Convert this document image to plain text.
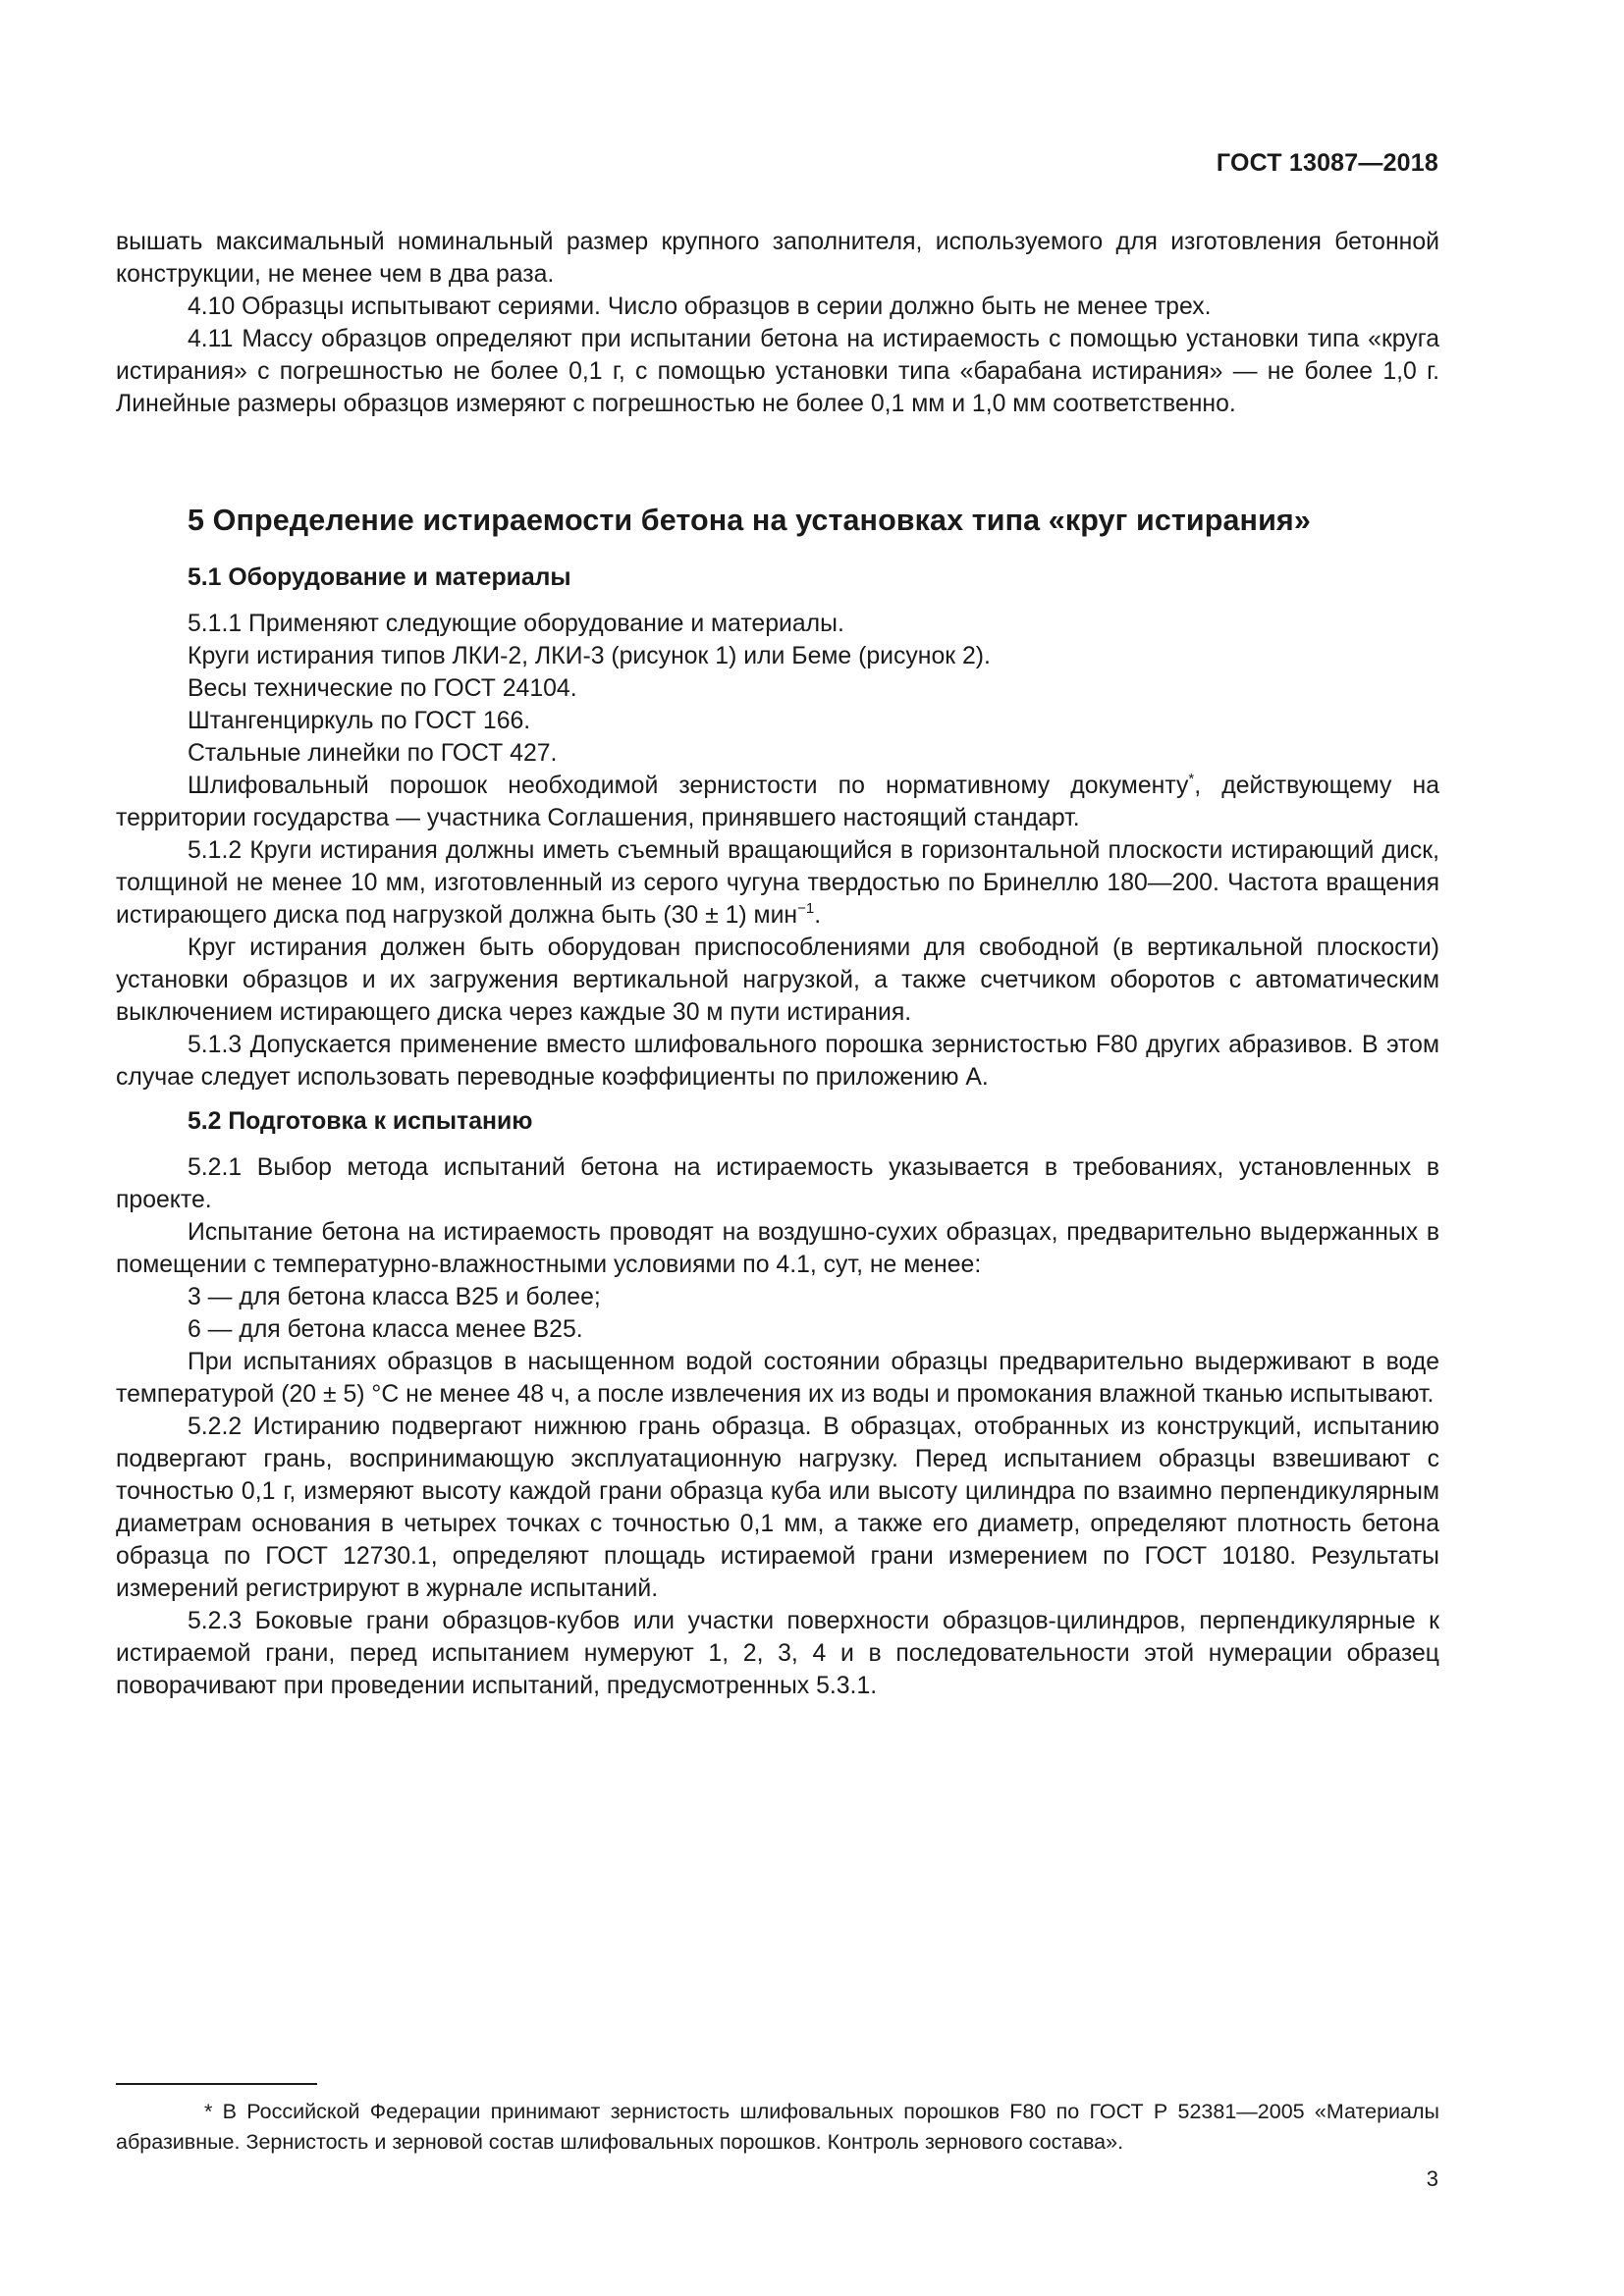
ГОСТ 13087—2018

вышать максимальный номинальный размер крупного заполнителя, используемого для изготовления бетонной конструкции, не менее чем в два раза.

4.10 Образцы испытывают сериями. Число образцов в серии должно быть не менее трех.

4.11 Массу образцов определяют при испытании бетона на истираемость с помощью установки типа «круга истирания» с погрешностью не более 0,1 г, с помощью установки типа «барабана истирания» — не более 1,0 г. Линейные размеры образцов измеряют с погрешностью не более 0,1 мм и 1,0 мм соответственно.

5 Определение истираемости бетона на установках типа «круг истирания»
5.1 Оборудование и материалы

5.1.1 Применяют следующие оборудование и материалы.

Круги истирания типов ЛКИ-2, ЛКИ-3 (рисунок 1) или Беме (рисунок 2).

Весы технические по ГОСТ 24104.

Штангенциркуль по ГОСТ 166.

Стальные линейки по ГОСТ 427.

Шлифовальный порошок необходимой зернистости по нормативному документу*, действующему на территории государства — участника Соглашения, принявшего настоящий стандарт.

5.1.2 Круги истирания должны иметь съемный вращающийся в горизонтальной плоскости истирающий диск, толщиной не менее 10 мм, изготовленный из серого чугуна твердостью по Бринеллю 180—200. Частота вращения истирающего диска под нагрузкой должна быть (30 ± 1) мин$^{-1}$.

Круг истирания должен быть оборудован приспособлениями для свободной (в вертикальной плоскости) установки образцов и их загружения вертикальной нагрузкой, а также счетчиком оборотов с автоматическим выключением истирающего диска через каждые 30 м пути истирания.

5.1.3 Допускается применение вместо шлифовального порошка зернистостью F80 других абразивов. В этом случае следует использовать переводные коэффициенты по приложению А.

5.2 Подготовка к испытанию

5.2.1 Выбор метода испытаний бетона на истираемость указывается в требованиях, установленных в проекте.

Испытание бетона на истираемость проводят на воздушно-сухих образцах, предварительно выдержанных в помещении с температурно-влажностными условиями по 4.1, сут, не менее:

3 — для бетона класса В25 и более;

6 — для бетона класса менее В25.

При испытаниях образцов в насыщенном водой состоянии образцы предварительно выдерживают в воде температурой (20 ± 5) °С не менее 48 ч, а после извлечения их из воды и промокания влажной тканью испытывают.

5.2.2 Истиранию подвергают нижнюю грань образца. В образцах, отобранных из конструкций, испытанию подвергают грань, воспринимающую эксплуатационную нагрузку. Перед испытанием образцы взвешивают с точностью 0,1 г, измеряют высоту каждой грани образца куба или высоту цилиндра по взаимно перпендикулярным диаметрам основания в четырех точках с точностью 0,1 мм, а также его диаметр, определяют плотность бетона образца по ГОСТ 12730.1, определяют площадь истираемой грани измерением по ГОСТ 10180. Результаты измерений регистрируют в журнале испытаний.

5.2.3 Боковые грани образцов-кубов или участки поверхности образцов-цилиндров, перпендикулярные к истираемой грани, перед испытанием нумеруют 1, 2, 3, 4 и в последовательности этой нумерации образец поворачивают при проведении испытаний, предусмотренных 5.3.1.

* В Российской Федерации принимают зернистость шлифовальных порошков F80 по ГОСТ Р 52381—2005 «Материалы абразивные. Зернистость и зерновой состав шлифовальных порошков. Контроль зернового состава».

3
